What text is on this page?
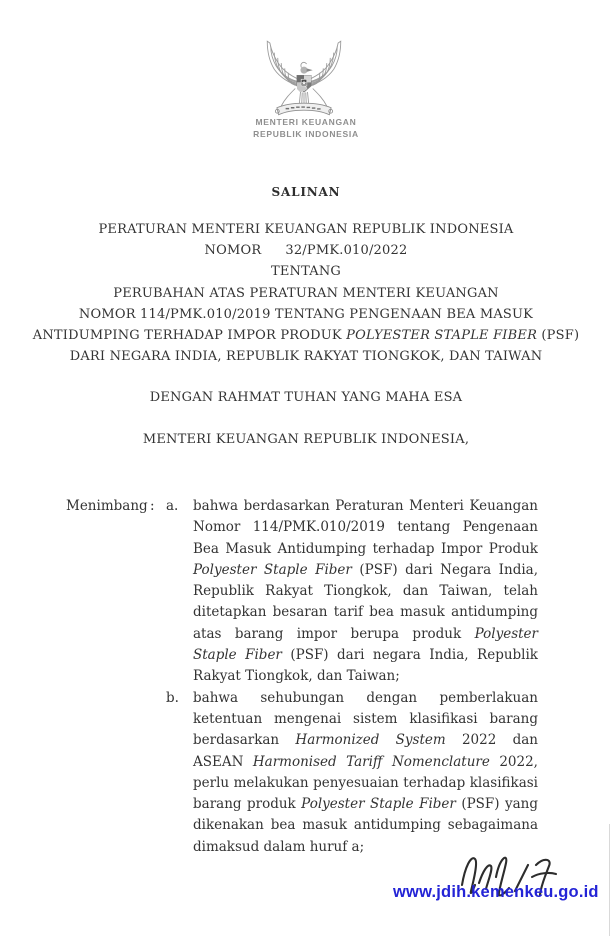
MENTERI KEUANGAN
REPUBLIK INDONESIA
SALINAN
PERATURAN MENTERI KEUANGAN REPUBLIK INDONESIA
NOMOR 32/PMK.010/2022
TENTANG
PERUBAHAN ATAS PERATURAN MENTERI KEUANGAN
NOMOR 114/PMK.010/2019 TENTANG PENGENAAN BEA MASUK
ANTIDUMPING TERHADAP IMPOR PRODUK POLYESTER STAPLE FIBER (PSF)
DARI NEGARA INDIA, REPUBLIK RAKYAT TIONGKOK, DAN TAIWAN
DENGAN RAHMAT TUHAN YANG MAHA ESA
MENTERI KEUANGAN REPUBLIK INDONESIA,
Menimbang : a.	bahwa berdasarkan Peraturan Menteri Keuangan Nomor 114/PMK.010/2019 tentang Pengenaan Bea Masuk Antidumping terhadap Impor Produk Polyester Staple Fiber (PSF) dari Negara India, Republik Rakyat Tiongkok, dan Taiwan, telah ditetapkan besaran tarif bea masuk antidumping atas barang impor berupa produk Polyester Staple Fiber (PSF) dari negara India, Republik Rakyat Tiongkok, dan Taiwan;
b.	bahwa sehubungan dengan pemberlakuan ketentuan mengenai sistem klasifikasi barang berdasarkan Harmonized System 2022 dan ASEAN Harmonised Tariff Nomenclature 2022, perlu melakukan penyesuaian terhadap klasifikasi barang produk Polyester Staple Fiber (PSF) yang dikenakan bea masuk antidumping sebagaimana dimaksud dalam huruf a;
www.jdih.kemenkeu.go.id
